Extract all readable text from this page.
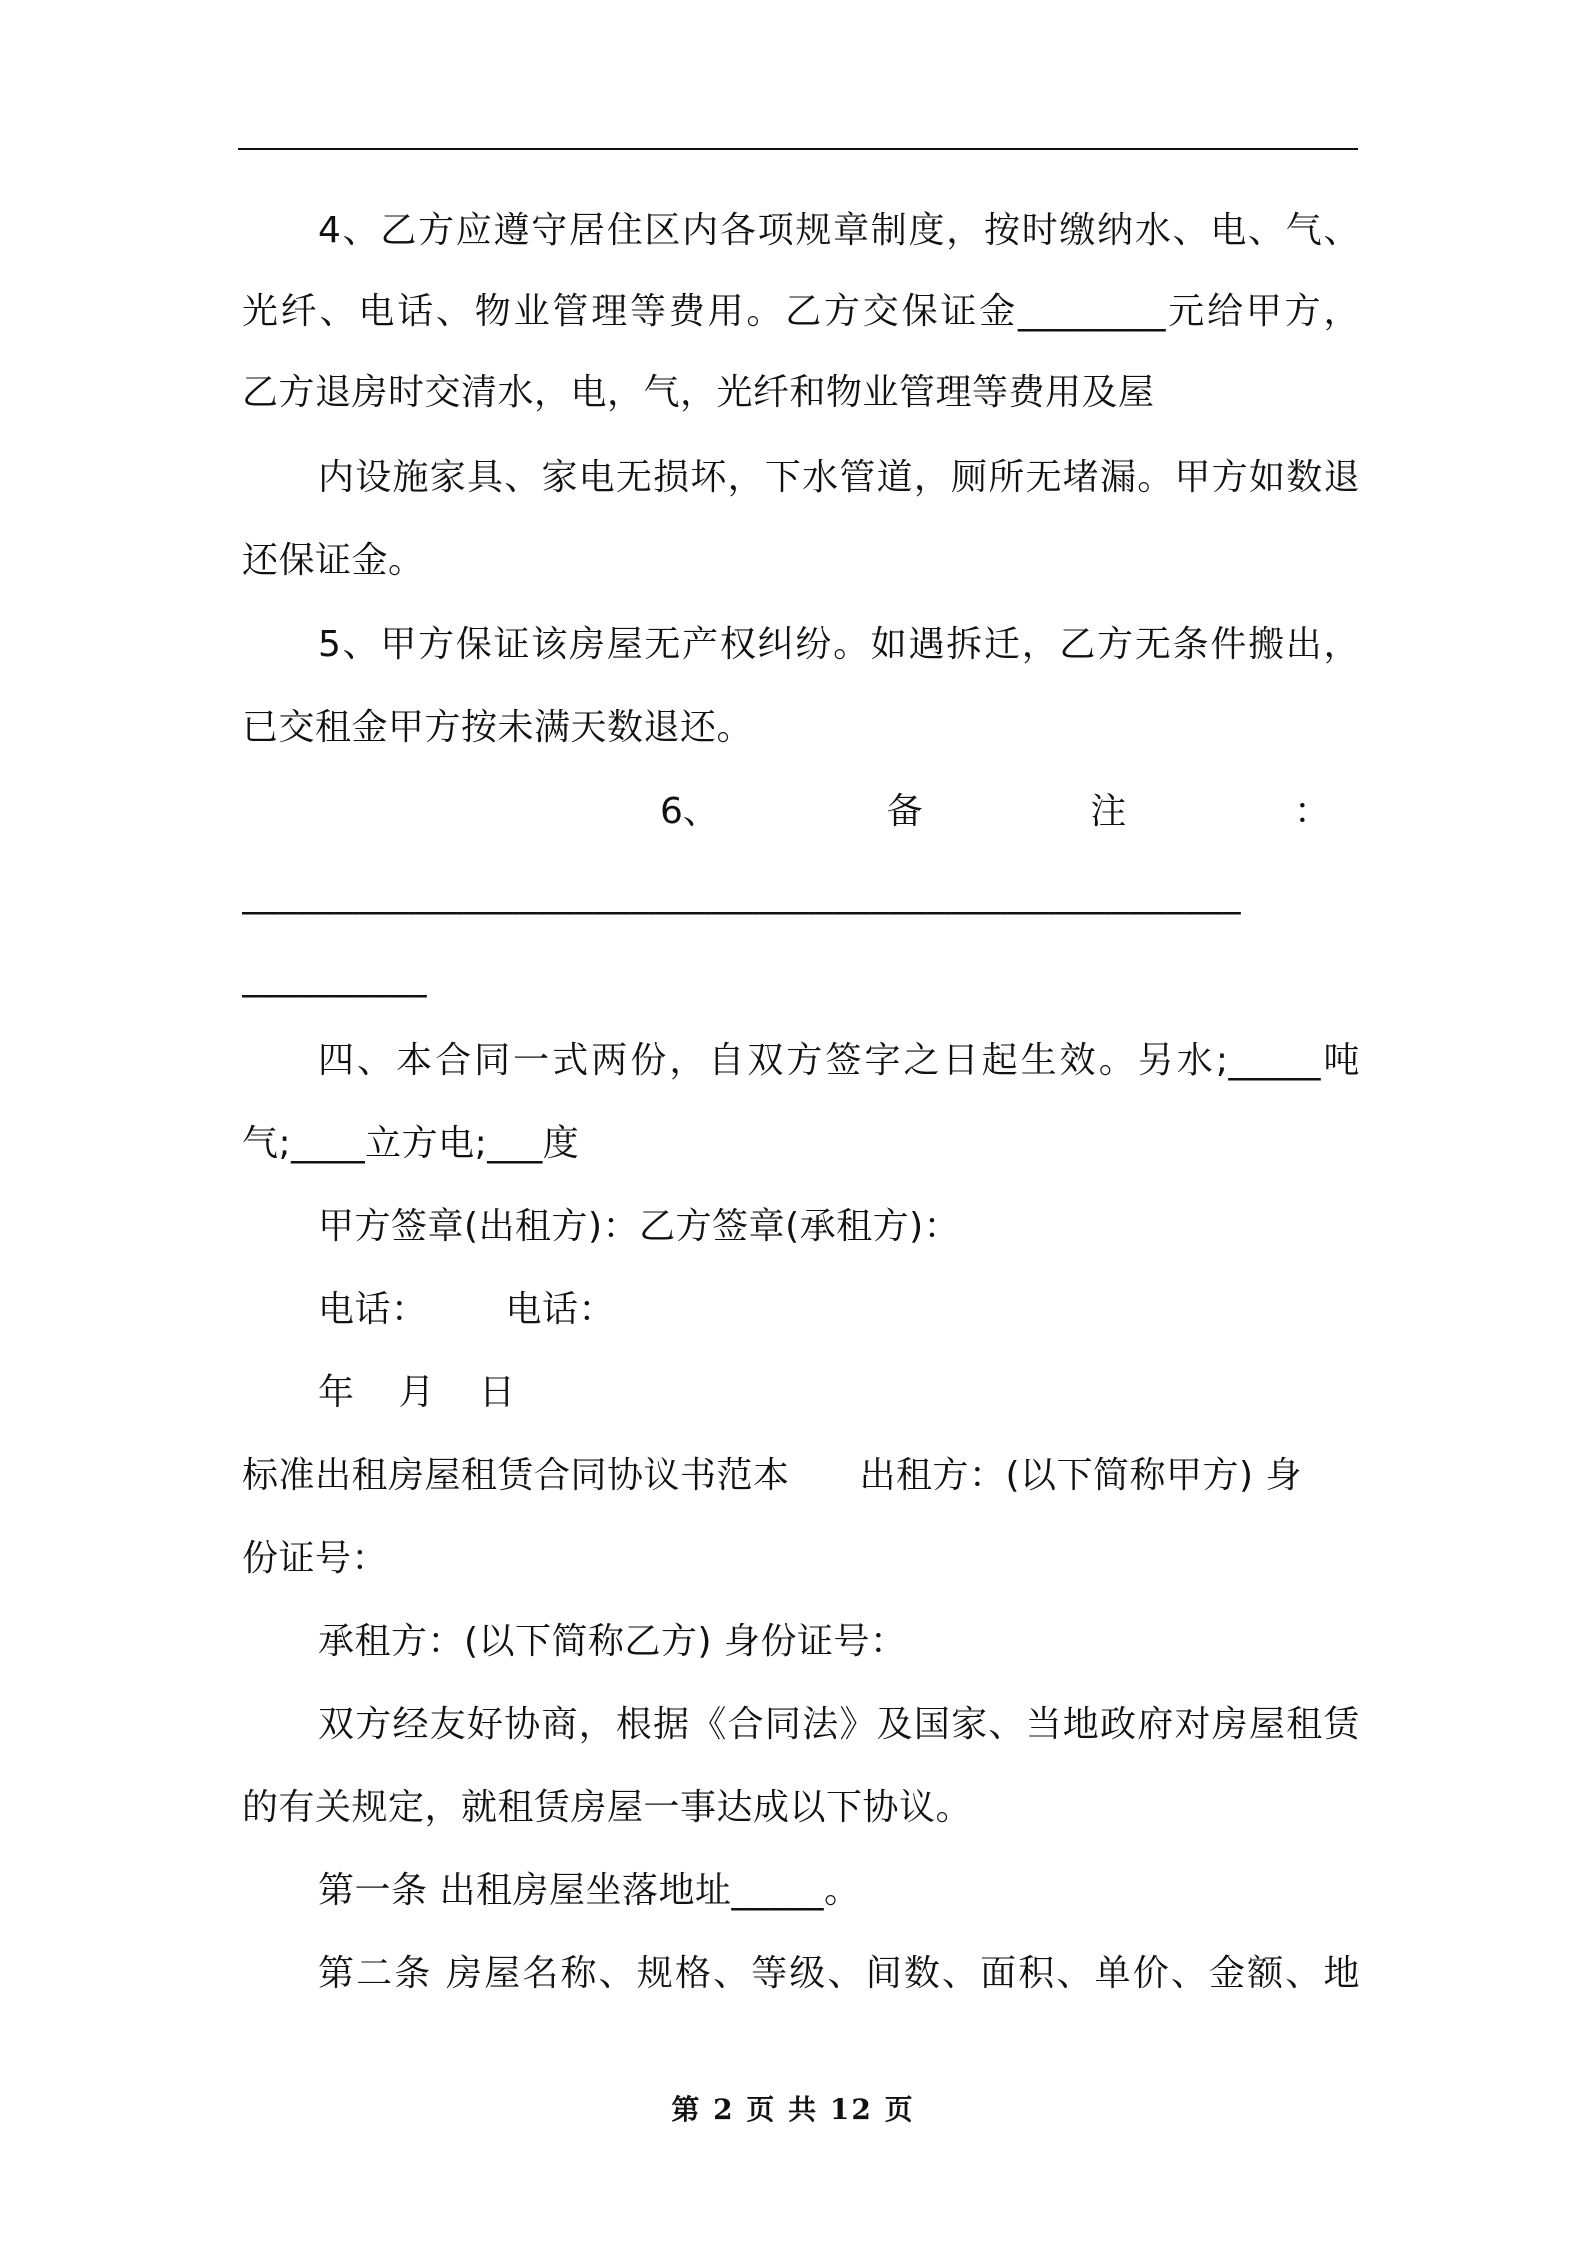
4、乙方应遵守居住区内各项规章制度，按时缴纳水、电、气、
光纤、电话、物业管理等费用。乙方交保证金________元给甲方，
乙方退房时交清水，电，气，光纤和物业管理等费用及屋
内设施家具、家电无损坏，下水管道，厕所无堵漏。甲方如数退
还保证金。
5、甲方保证该房屋无产权纠纷。如遇拆迁，乙方无条件搬出，
已交租金甲方按未满天数退还。
6、	备	注	：
______________________________________________________
__________
四、本合同一式两份，自双方签字之日起生效。另水;_____吨
气;____立方电;___度
甲方签章(出租方)：乙方签章(承租方)：
电话： 电话：
年 月 日
标准出租房屋租赁合同协议书范本 出租方：(以下简称甲方) 身
份证号：
承租方：(以下简称乙方) 身份证号：
双方经友好协商，根据《合同法》及国家、当地政府对房屋租赁
的有关规定，就租赁房屋一事达成以下协议。
第一条 出租房屋坐落地址_____。
第二条 房屋名称、规格、等级、间数、面积、单价、金额、地
第 2 页 共 12 页
